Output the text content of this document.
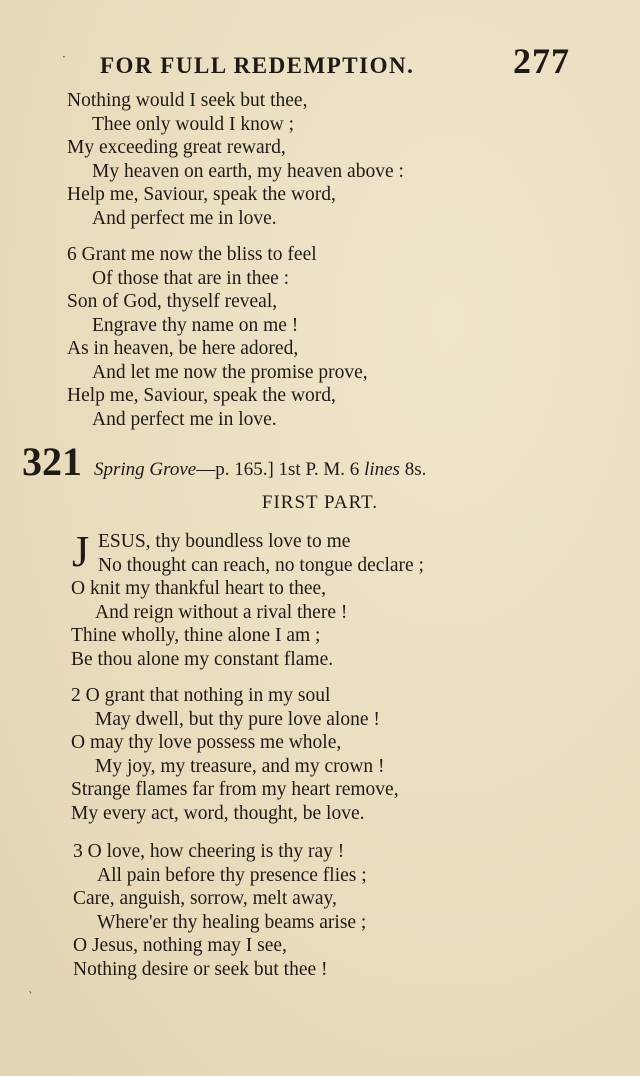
FOR FULL REDEMPTION.	277
Nothing would I seek but thee,
Thee only would I know ;
My exceeding great reward,
My heaven on earth, my heaven above :
Help me, Saviour, speak the word,
And perfect me in love.
6 Grant me now the bliss to feel
Of those that are in thee :
Son of God, thyself reveal,
Engrave thy name on me !
As in heaven, be here adored,
And let me now the promise prove,
Help me, Saviour, speak the word,
And perfect me in love.
321 Spring Grove—p. 165.] 1st P. M. 6 lines 8s.
FIRST PART.
J ESUS, thy boundless love to me
No thought can reach, no tongue declare ;
O knit my thankful heart to thee,
And reign without a rival there !
Thine wholly, thine alone I am ;
Be thou alone my constant flame.
2 O grant that nothing in my soul
May dwell, but thy pure love alone !
O may thy love possess me whole,
My joy, my treasure, and my crown !
Strange flames far from my heart remove,
My every act, word, thought, be love.
3 O love, how cheering is thy ray !
All pain before thy presence flies ;
Care, anguish, sorrow, melt away,
Where'er thy healing beams arise ;
O Jesus, nothing may I see,
Nothing desire or seek but thee !
·
ˋ
